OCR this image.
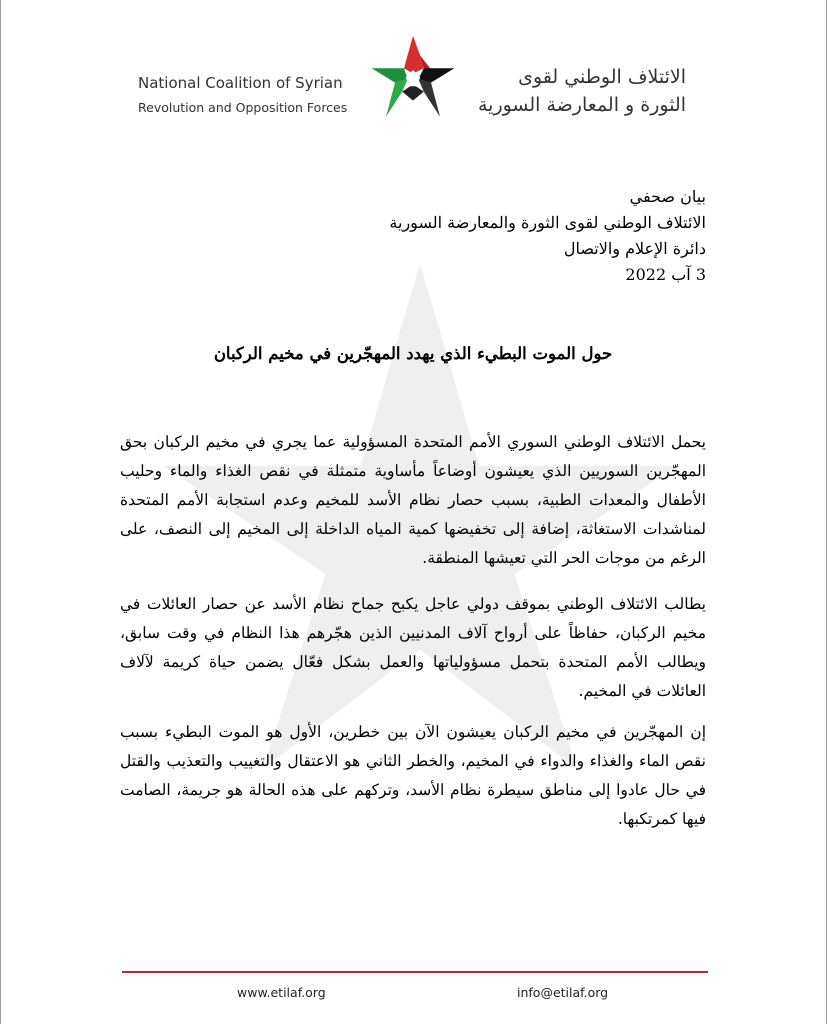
National Coalition of Syrian
Revolution and Opposition Forces
الائتلاف الوطني لقوى
الثورة و المعارضة السورية
بيان صحفي
الائتلاف الوطني لقوى الثورة والمعارضة السورية
دائرة الإعلام والاتصال
3 آب 2022
حول الموت البطيء الذي يهدد المهجّرين في مخيم الركبان

يحمل الائتلاف الوطني السوري الأمم المتحدة المسؤولية عما يجري في مخيم الركبان بحق المهجّرين السوريين الذي يعيشون أوضاعاً مأساوية متمثلة في نقص الغذاء والماء وحليب الأطفال والمعدات الطبية، بسبب حصار نظام الأسد للمخيم وعدم استجابة الأمم المتحدة لمناشدات الاستغاثة، إضافة إلى تخفيضها كمية المياه الداخلة إلى المخيم إلى النصف، على الرغم من موجات الحر التي تعيشها المنطقة.

يطالب الائتلاف الوطني بموقف دولي عاجل يكبح جماح نظام الأسد عن حصار العائلات في مخيم الركبان، حفاظاً على أرواح آلاف المدنيين الذين هجّرهم هذا النظام في وقت سابق، ويطالب الأمم المتحدة بتحمل مسؤولياتها والعمل بشكل فعّال يضمن حياة كريمة لآلاف العائلات في المخيم.

إن المهجّرين في مخيم الركبان يعيشون الآن بين خطرين، الأول هو الموت البطيء بسبب نقص الماء والغذاء والدواء في المخيم، والخطر الثاني هو الاعتقال والتغييب والتعذيب والقتل في حال عادوا إلى مناطق سيطرة نظام الأسد، وتركهم على هذه الحالة هو جريمة، الصامت فيها كمرتكبها.

www.etilaf.org	info@etilaf.org
